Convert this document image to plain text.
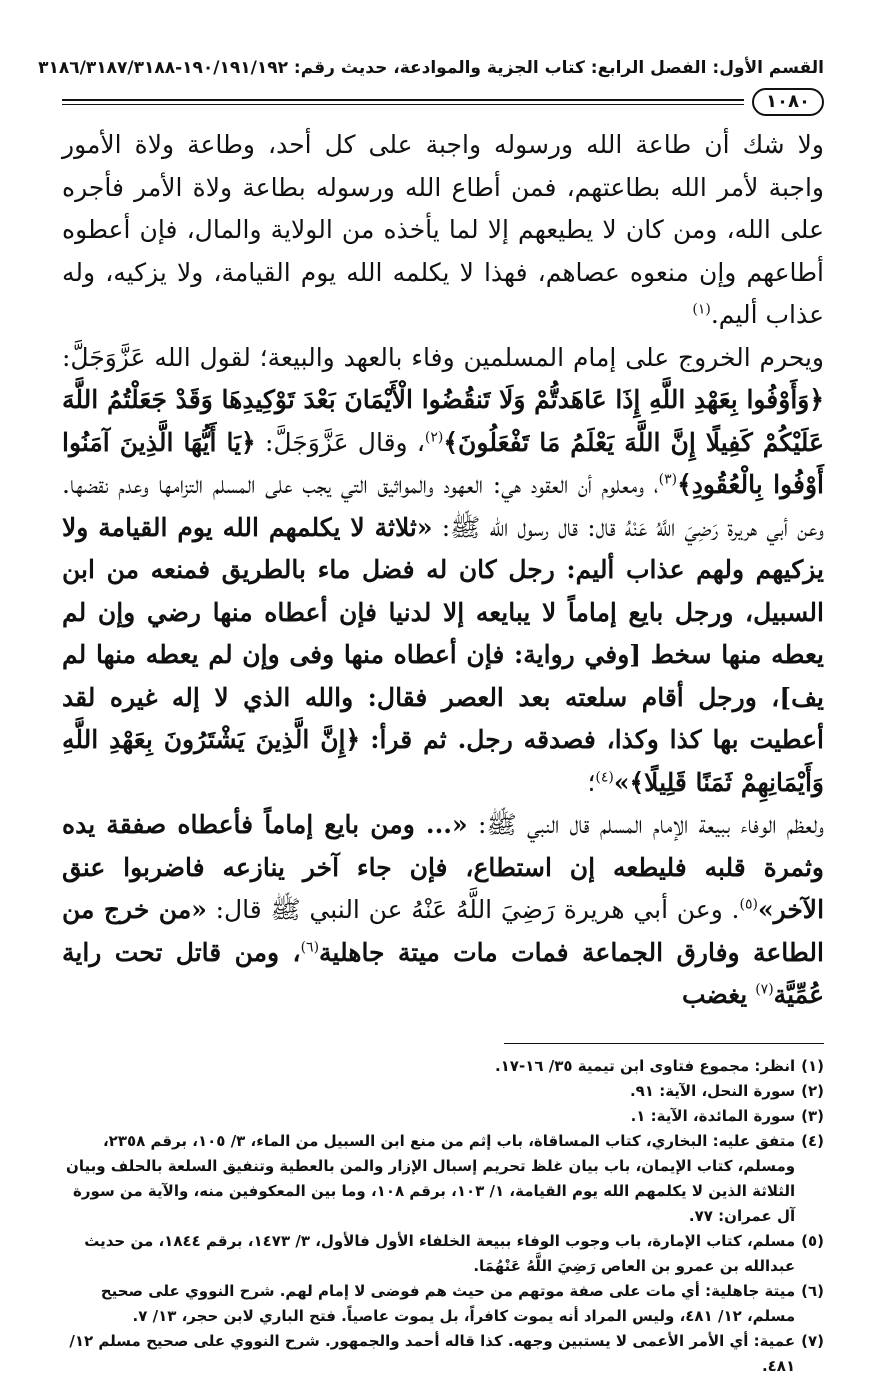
القسم الأول: الفصل الرابع: كتاب الجزية والموادعة، حديث رقم: ١٩٠/١٩١/١٩٢-٣١٨٦/٣١٨٧/٣١٨٨
١٠٨٠

ولا شك أن طاعة الله ورسوله واجبة على كل أحد، وطاعة ولاة الأمور واجبة لأمر الله بطاعتهم، فمن أطاع الله ورسوله بطاعة ولاة الأمر فأجره على الله، ومن كان لا يطيعهم إلا لما يأخذه من الولاية والمال، فإن أعطوه أطاعهم وإن منعوه عصاهم، فهذا لا يكلمه الله يوم القيامة، ولا يزكيه، وله عذاب أليم.$^{(١)}$

ويحرم الخروج على إمام المسلمين وفاء بالعهد والبيعة؛ لقول الله عَزَّوَجَلَّ: ﴿وَأَوْفُوا بِعَهْدِ اللَّهِ إِذَا عَاهَدتُّمْ وَلَا تَنقُضُوا الْأَيْمَانَ بَعْدَ تَوْكِيدِهَا وَقَدْ جَعَلْتُمُ اللَّهَ عَلَيْكُمْ كَفِيلًا إِنَّ اللَّهَ يَعْلَمُ مَا تَفْعَلُونَ﴾$^{(٢)}$، وقال عَزَّوَجَلَّ: ﴿يَا أَيُّهَا الَّذِينَ آمَنُوا أَوْفُوا بِالْعُقُودِ﴾$^{(٣)}$، ومعلوم أن العقود هي: العهود والمواثيق التي يجب على المسلم التزامها وعدم نقضها. وعن أبي هريرة رَضِيَ اللَّهُ عَنْهُ قال: قال رسول الله ﷺ: «ثلاثة لا يكلمهم الله يوم القيامة ولا يزكيهم ولهم عذاب أليم: رجل كان له فضل ماء بالطريق فمنعه من ابن السبيل، ورجل بايع إماماً لا يبايعه إلا لدنيا فإن أعطاه منها رضي وإن لم يعطه منها سخط [وفي رواية: فإن أعطاه منها وفى وإن لم يعطه منها لم يف]، ورجل أقام سلعته بعد العصر فقال: والله الذي لا إله غيره لقد أعطيت بها كذا وكذا، فصدقه رجل. ثم قرأ: ﴿إِنَّ الَّذِينَ يَشْتَرُونَ بِعَهْدِ اللَّهِ وَأَيْمَانِهِمْ ثَمَنًا قَلِيلًا﴾»$^{(٤)}$؛

ولعظم الوفاء ببيعة الإمام المسلم قال النبي ﷺ: «... ومن بايع إماماً فأعطاه صفقة يده وثمرة قلبه فليطعه إن استطاع، فإن جاء آخر ينازعه فاضربوا عنق الآخر»$^{(٥)}$. وعن أبي هريرة رَضِيَ اللَّهُ عَنْهُ عن النبي ﷺ قال: «من خرج من الطاعة وفارق الجماعة فمات مات ميتة جاهلية$^{(٦)}$، ومن قاتل تحت راية عُمِّيَّة$^{(٧)}$ يغضب

(١)
انظر: مجموع فتاوى ابن تيمية ٣٥/ ١٦-١٧.
(٢)
سورة النحل، الآية: ٩١.
(٣)
سورة المائدة، الآية: ١.
(٤)
متفق عليه: البخاري، كتاب المساقاة، باب إثم من منع ابن السبيل من الماء، ٣/ ١٠٥، برقم ٢٣٥٨، ومسلم، كتاب الإيمان، باب بيان غلظ تحريم إسبال الإزار والمن بالعطية وتنفيق السلعة بالحلف وبيان الثلاثة الذين لا يكلمهم الله يوم القيامة، ١/ ١٠٣، برقم ١٠٨، وما بين المعكوفين منه، والآية من سورة آل عمران: ٧٧.
(٥)
مسلم، كتاب الإمارة، باب وجوب الوفاء ببيعة الخلفاء الأول فالأول، ٣/ ١٤٧٣، برقم ١٨٤٤، من حديث عبدالله بن عمرو بن العاص رَضِيَ اللَّهُ عَنْهُمَا.
(٦)
ميتة جاهلية: أي مات على صفة موتهم من حيث هم فوضى لا إمام لهم. شرح النووي على صحيح مسلم، ١٢/ ٤٨١، وليس المراد أنه يموت كافراً، بل يموت عاصياً. فتح الباري لابن حجر، ١٣/ ٧.
(٧)
عمية: أي الأمر الأعمى لا يستبين وجهه. كذا قاله أحمد والجمهور. شرح النووي على صحيح مسلم ١٢/ ٤٨١.
